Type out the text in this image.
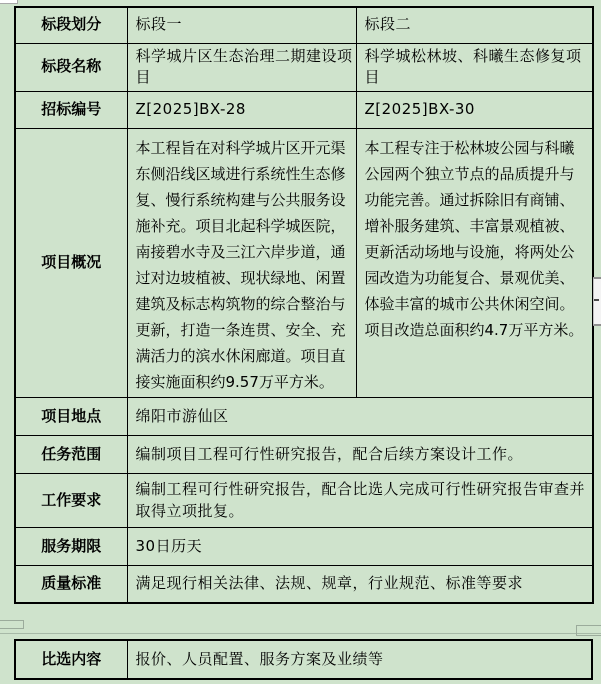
标段划分	标段一	标段二
标段名称	科学城片区生态治理二期建设项目	科学城松林坡、科曦生态修复项目
招标编号	Z[2025]BX-28	Z[2025]BX-30
项目概况	本工程旨在对科学城片区开元渠东侧沿线区域进行系统性生态修复、慢行系统构建与公共服务设施补充。项目北起科学城医院，南接碧水寺及三江六岸步道，通过对边坡植被、现状绿地、闲置建筑及标志构筑物的综合整治与更新，打造一条连贯、安全、充满活力的滨水休闲廊道。项目直接实施面积约9.57万平方米。	本工程专注于松林坡公园与科曦公园两个独立节点的品质提升与功能完善。通过拆除旧有商铺、增补服务建筑、丰富景观植被、更新活动场地与设施，将两处公园改造为功能复合、景观优美、体验丰富的城市公共休闲空间。项目改造总面积约4.7万平方米。
项目地点	绵阳市游仙区	
任务范围	编制项目工程可行性研究报告，配合后续方案设计工作。	
工作要求	编制工程可行性研究报告，配合比选人完成可行性研究报告审查并取得立项批复。	
服务期限	30日历天	
质量标准	满足现行相关法律、法规、规章，行业规范、标准等要求	
比选内容	报价、人员配置、服务方案及业绩等
